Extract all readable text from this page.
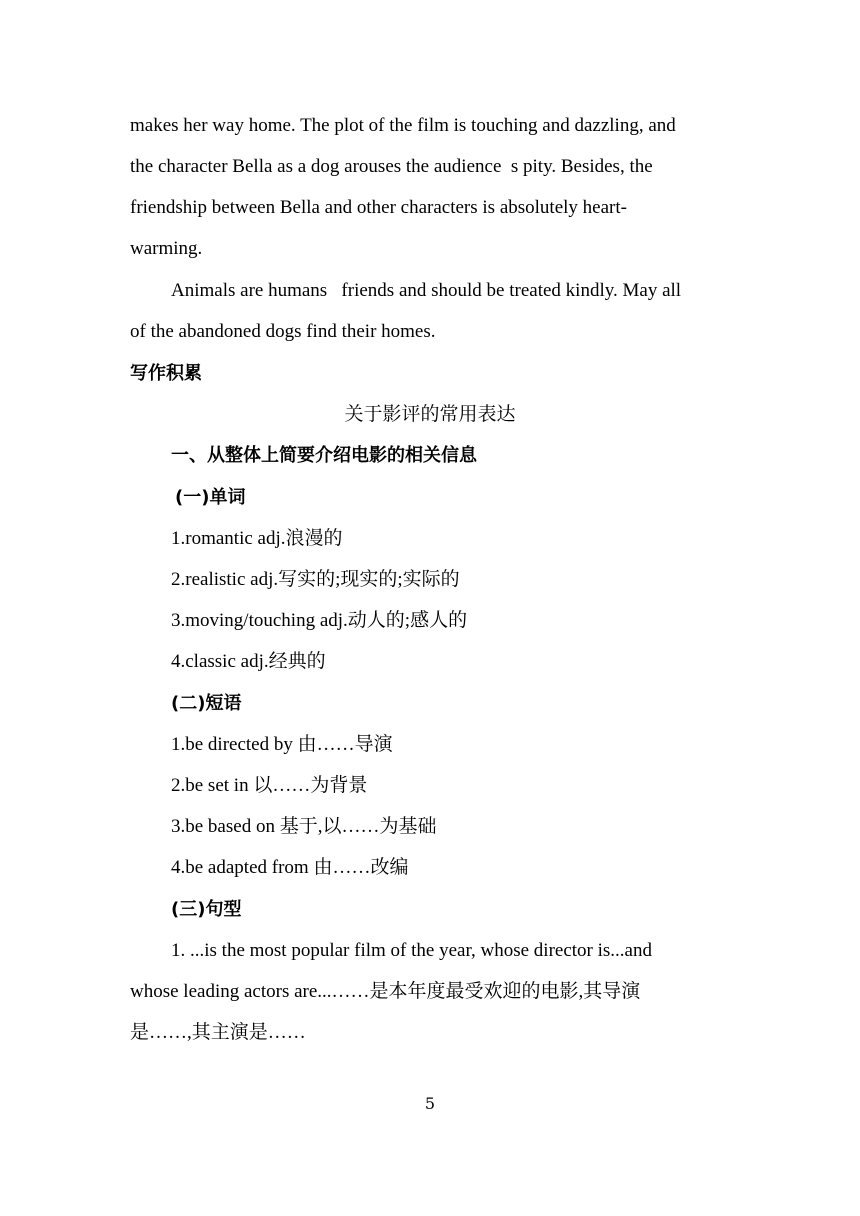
makes her way home. The plot of the film is touching and dazzling, and
the character Bella as a dog arouses the audience  s pity. Besides, the
friendship between Bella and other characters is absolutely heart-
warming.
Animals are humans   friends and should be treated kindly. May all
of the abandoned dogs find their homes.
写作积累
关于影评的常用表达
一、从整体上简要介绍电影的相关信息
(一)单词
1.romantic adj.浪漫的
2.realistic adj.写实的;现实的;实际的
3.moving/touching adj.动人的;感人的
4.classic adj.经典的
(二)短语
1.be directed by 由……导演
2.be set in 以……为背景
3.be based on 基于,以……为基础
4.be adapted from 由……改编
(三)句型
1. ...is the most popular film of the year, whose director is...and
whose leading actors are...……是本年度最受欢迎的电影,其导演
是……,其主演是……
5
